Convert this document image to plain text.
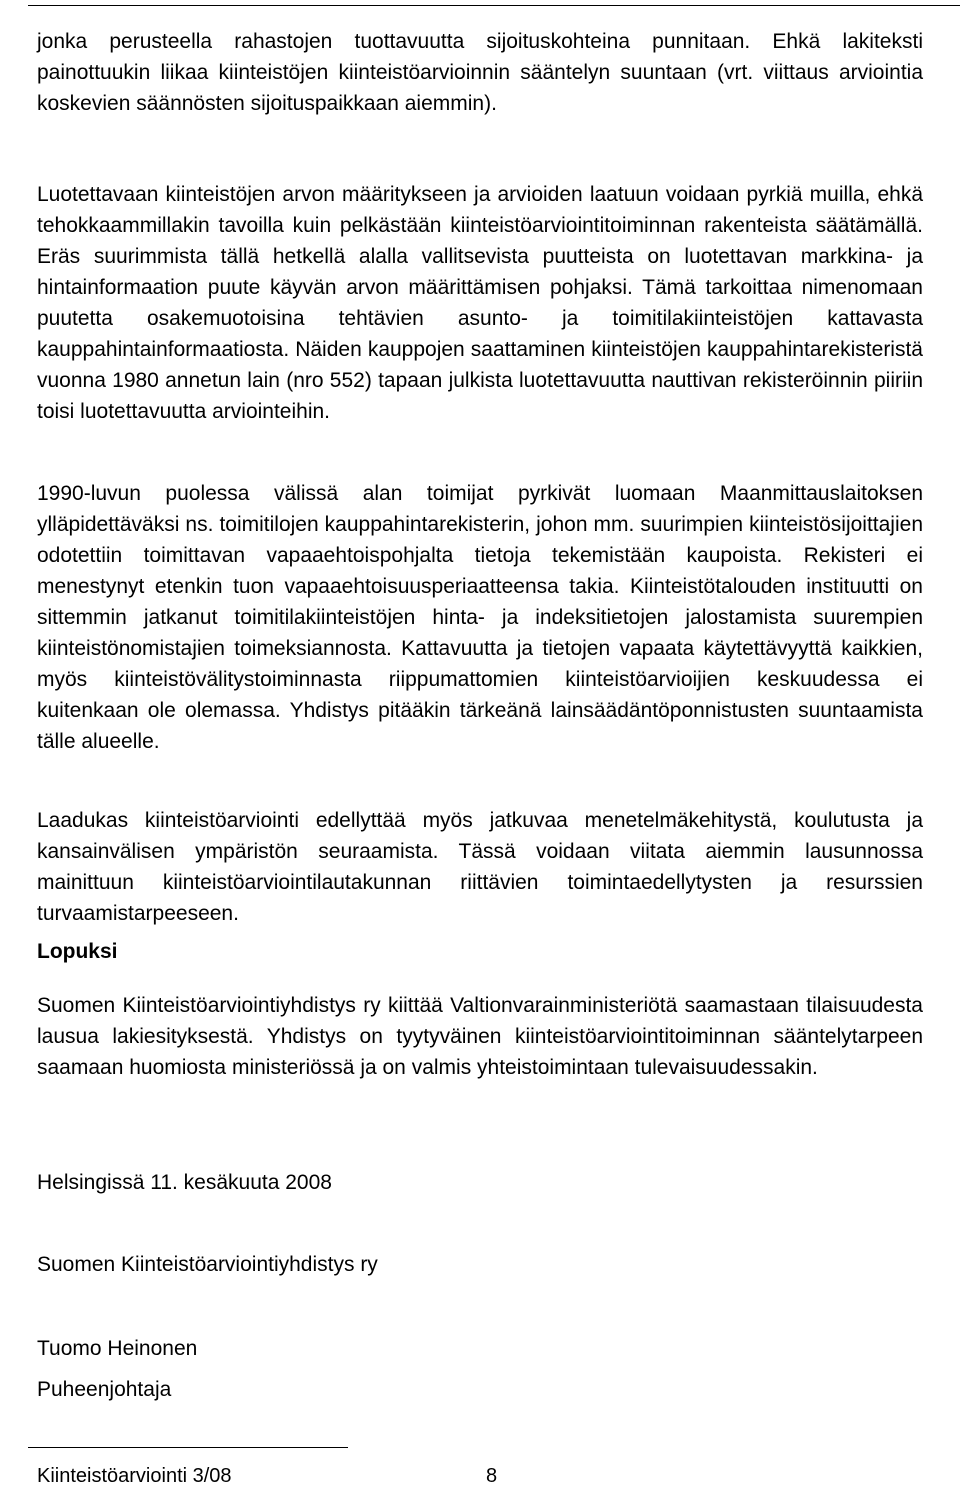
jonka perusteella rahastojen tuottavuutta sijoituskohteina punnitaan. Ehkä lakiteksti painottuukin liikaa kiinteistöjen kiinteistöarvioinnin sääntelyn suuntaan (vrt. viittaus arviointia koskevien säännösten sijoituspaikkaan aiemmin).

Luotettavaan kiinteistöjen arvon määritykseen ja arvioiden laatuun voidaan pyrkiä muilla, ehkä tehokkaammillakin tavoilla kuin pelkästään kiinteistöarviointitoiminnan rakenteista säätämällä. Eräs suurimmista tällä hetkellä alalla vallitsevista puutteista on luotettavan markkina- ja hintainformaation puute käyvän arvon määrittämisen pohjaksi. Tämä tarkoittaa nimenomaan puutetta osakemuotoisina tehtävien asunto- ja toimitilakiinteistöjen kattavasta kauppahintainformaatiosta. Näiden kauppojen saattaminen kiinteistöjen kauppahintarekisteristä vuonna 1980 annetun lain (nro 552) tapaan julkista luotettavuutta nauttivan rekisteröinnin piiriin toisi luotettavuutta arviointeihin.

1990-luvun puolessa välissä alan toimijat pyrkivät luomaan Maanmittauslaitoksen ylläpidettäväksi ns. toimitilojen kauppahintarekisterin, johon mm. suurimpien kiinteistösijoittajien odotettiin toimittavan vapaaehtoispohjalta tietoja tekemistään kaupoista. Rekisteri ei menestynyt etenkin tuon vapaaehtoisuusperiaatteensa takia. Kiinteistötalouden instituutti on sittemmin jatkanut toimitilakiinteistöjen hinta- ja indeksitietojen jalostamista suurempien kiinteistönomistajien toimeksiannosta. Kattavuutta ja tietojen vapaata käytettävyyttä kaikkien, myös kiinteistövälitystoiminnasta riippumattomien kiinteistöarvioijien keskuudessa ei kuitenkaan ole olemassa. Yhdistys pitääkin tärkeänä lainsäädäntöponnistusten suuntaamista tälle alueelle.

Laadukas kiinteistöarviointi edellyttää myös jatkuvaa menetelmäkehitystä, koulutusta ja kansainvälisen ympäristön seuraamista. Tässä voidaan viitata aiemmin lausunnossa mainittuun kiinteistöarviointilautakunnan riittävien toimintaedellytysten ja resurssien turvaamistarpeeseen.

Lopuksi

Suomen Kiinteistöarviointiyhdistys ry kiittää Valtionvarainministeriötä saamastaan tilaisuudesta lausua lakiesityksestä. Yhdistys on tyytyväinen kiinteistöarviointitoiminnan sääntelytarpeen saamaan huomiosta ministeriössä ja on valmis yhteistoimintaan tulevaisuudessakin.

Helsingissä 11. kesäkuuta 2008

Suomen Kiinteistöarviointiyhdistys ry

Tuomo Heinonen

Puheenjohtaja

Kiinteistöarviointi 3/08	8
